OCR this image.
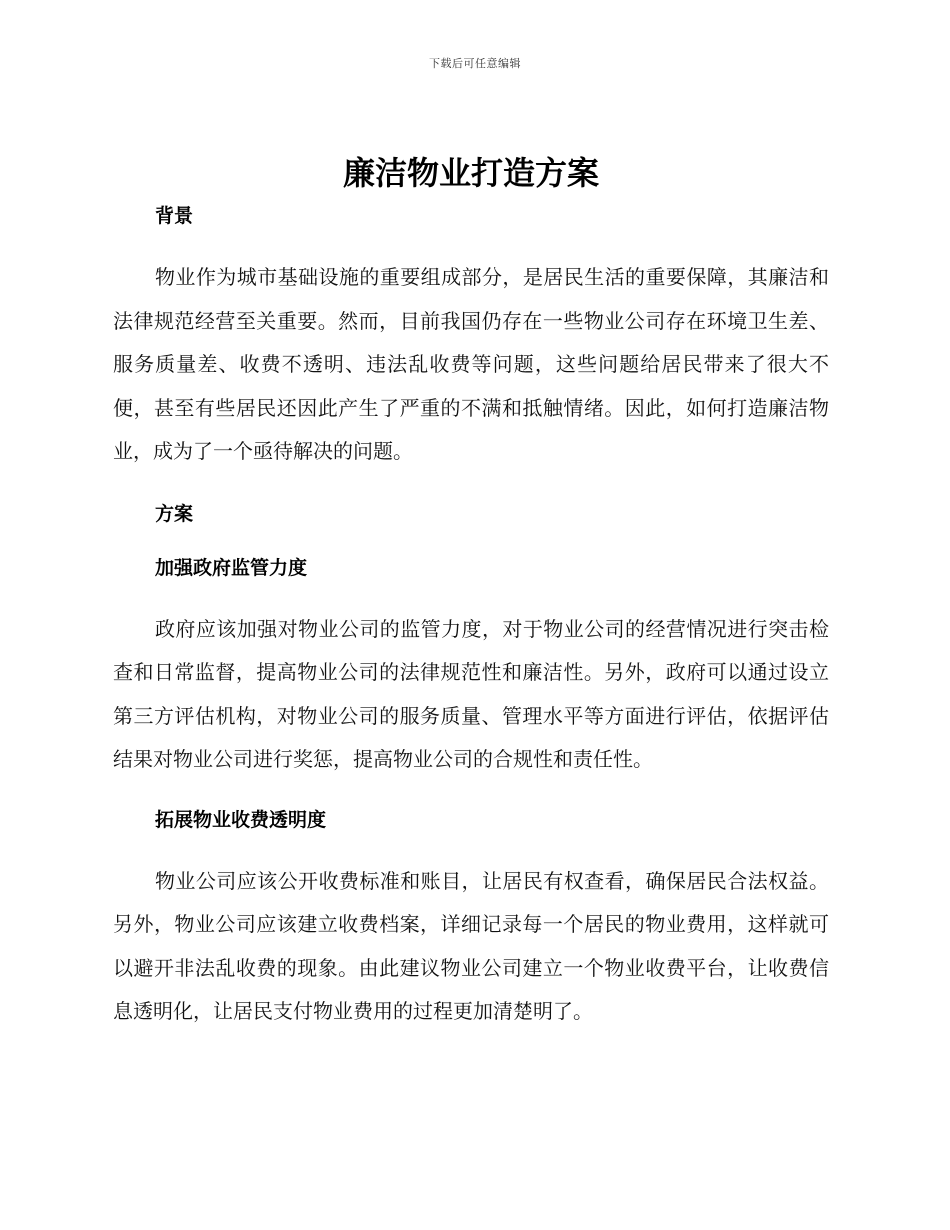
下载后可任意编辑
廉洁物业打造方案
背景

物业作为城市基础设施的重要组成部分，是居民生活的重要保障，其廉洁和法律规范经营至关重要。然而，目前我国仍存在一些物业公司存在环境卫生差、服务质量差、收费不透明、违法乱收费等问题，这些问题给居民带来了很大不便，甚至有些居民还因此产生了严重的不满和抵触情绪。因此，如何打造廉洁物业，成为了一个亟待解决的问题。

方案
加强政府监管力度

政府应该加强对物业公司的监管力度，对于物业公司的经营情况进行突击检查和日常监督，提高物业公司的法律规范性和廉洁性。另外，政府可以通过设立第三方评估机构，对物业公司的服务质量、管理水平等方面进行评估，依据评估结果对物业公司进行奖惩，提高物业公司的合规性和责任性。

拓展物业收费透明度

物业公司应该公开收费标准和账目，让居民有权查看，确保居民合法权益。另外，物业公司应该建立收费档案，详细记录每一个居民的物业费用，这样就可以避开非法乱收费的现象。由此建议物业公司建立一个物业收费平台，让收费信息透明化，让居民支付物业费用的过程更加清楚明了。
